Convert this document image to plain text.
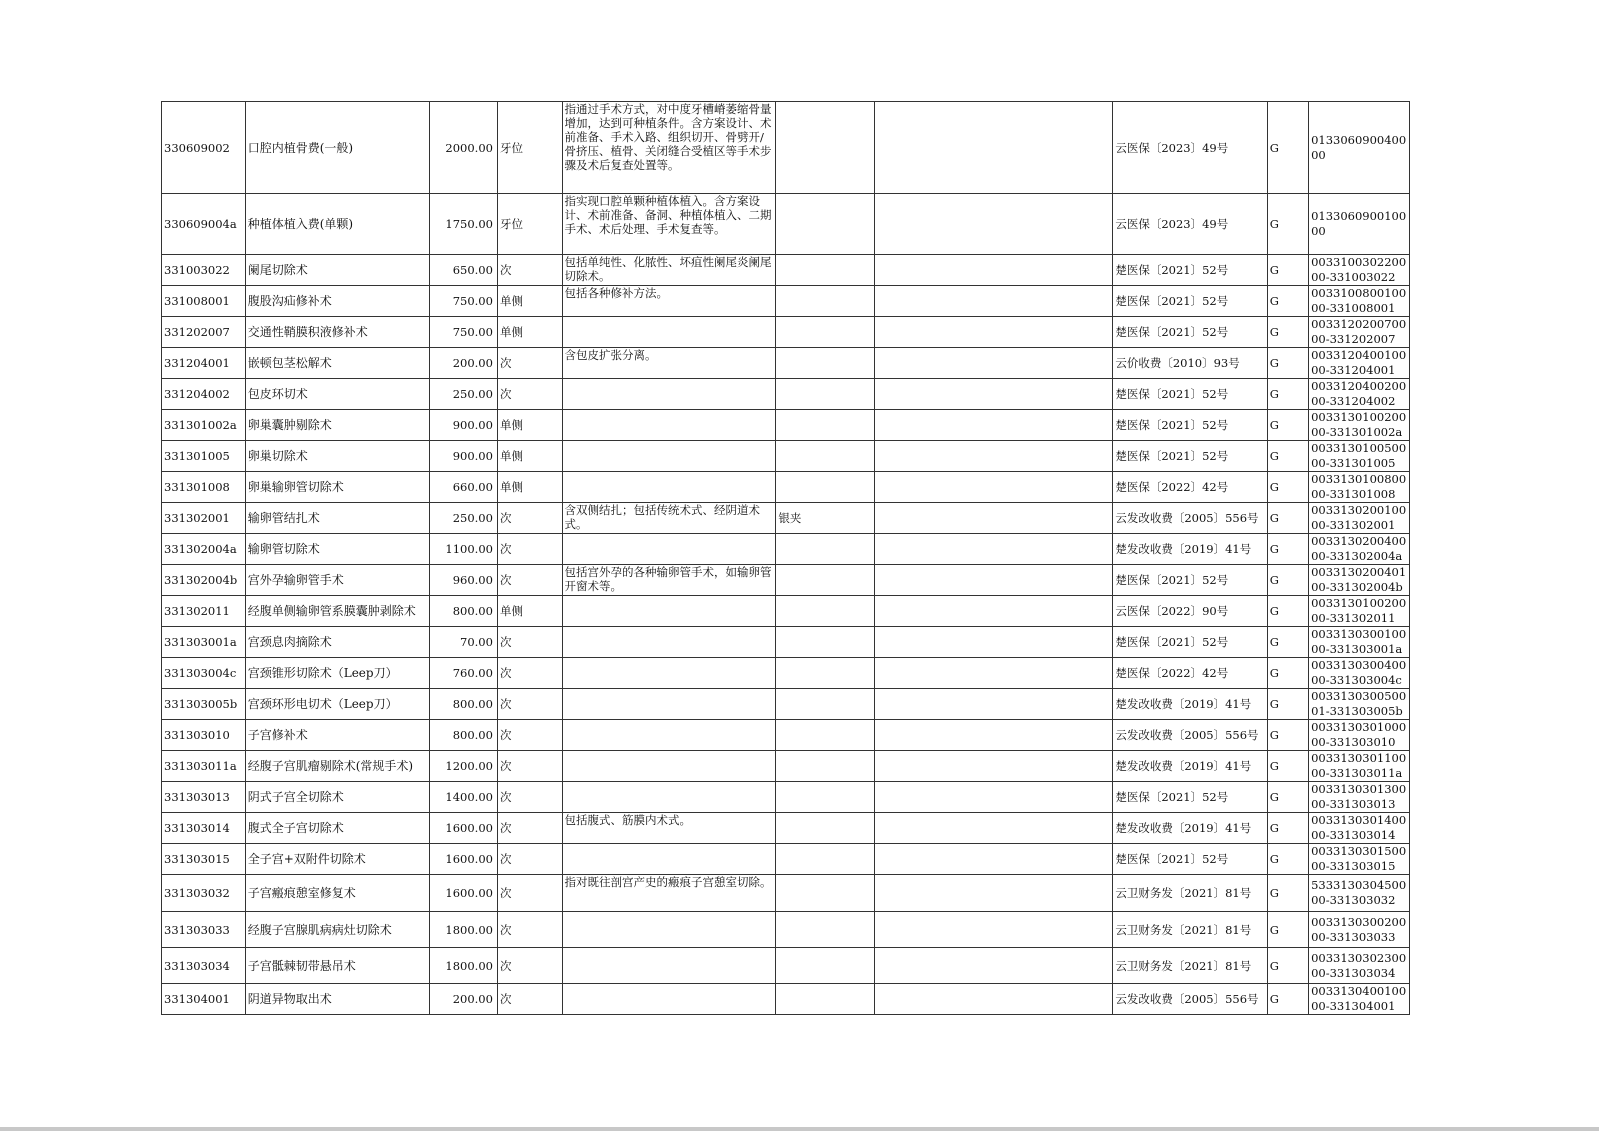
330609002	口腔内植骨费(一般)	2000.00	牙位	指通过手术方式，对中度牙槽嵴萎缩骨量增加，达到可种植条件。含方案设计、术前准备、手术入路、组织切开、骨劈开/骨挤压、植骨、关闭缝合受植区等手术步骤及术后复查处置等。			云医保〔2023〕49号	G	013306090040000
330609004a	种植体植入费(单颗)	1750.00	牙位	指实现口腔单颗种植体植入。含方案设计、术前准备、备洞、种植体植入、二期手术、术后处理、手术复查等。			云医保〔2023〕49号	G	013306090010000
331003022	阑尾切除术	650.00	次	包括单纯性、化脓性、坏疽性阑尾炎阑尾切除术。			楚医保〔2021〕52号	G	003310030220000-331003022
331008001	腹股沟疝修补术	750.00	单侧	包括各种修补方法。			楚医保〔2021〕52号	G	003310080010000-331008001
331202007	交通性鞘膜积液修补术	750.00	单侧				楚医保〔2021〕52号	G	003312020070000-331202007
331204001	嵌顿包茎松解术	200.00	次	含包皮扩张分离。			云价收费〔2010〕93号	G	003312040010000-331204001
331204002	包皮环切术	250.00	次				楚医保〔2021〕52号	G	003312040020000-331204002
331301002a	卵巢囊肿剔除术	900.00	单侧				楚医保〔2021〕52号	G	003313010020000-331301002a
331301005	卵巢切除术	900.00	单侧				楚医保〔2021〕52号	G	003313010050000-331301005
331301008	卵巢输卵管切除术	660.00	单侧				楚医保〔2022〕42号	G	003313010080000-331301008
331302001	输卵管结扎术	250.00	次	含双侧结扎；包括传统术式、经阴道术式。	银夹		云发改收费〔2005〕556号	G	003313020010000-331302001
331302004a	输卵管切除术	1100.00	次				楚发改收费〔2019〕41号	G	003313020040000-331302004a
331302004b	宫外孕输卵管手术	960.00	次	包括宫外孕的各种输卵管手术，如输卵管开窗术等。			楚医保〔2021〕52号	G	003313020040100-331302004b
331302011	经腹单侧输卵管系膜囊肿剥除术	800.00	单侧				云医保〔2022〕90号	G	003313010020000-331302011
331303001a	宫颈息肉摘除术	70.00	次				楚医保〔2021〕52号	G	003313030010000-331303001a
331303004c	宫颈锥形切除术（Leep刀）	760.00	次				楚医保〔2022〕42号	G	003313030040000-331303004c
331303005b	宫颈环形电切术（Leep刀）	800.00	次				楚发改收费〔2019〕41号	G	003313030050001-331303005b
331303010	子宫修补术	800.00	次				云发改收费〔2005〕556号	G	003313030100000-331303010
331303011a	经腹子宫肌瘤剔除术(常规手术)	1200.00	次				楚发改收费〔2019〕41号	G	003313030110000-331303011a
331303013	阴式子宫全切除术	1400.00	次				楚医保〔2021〕52号	G	003313030130000-331303013
331303014	腹式全子宫切除术	1600.00	次	包括腹式、筋膜内术式。			楚发改收费〔2019〕41号	G	003313030140000-331303014
331303015	全子宫+双附件切除术	1600.00	次				楚医保〔2021〕52号	G	003313030150000-331303015
331303032	子宫瘢痕憩室修复术	1600.00	次	指对既往剖宫产史的瘢痕子宫憩室切除。			云卫财务发〔2021〕81号	G	533313030450000-331303032
331303033	经腹子宫腺肌病病灶切除术	1800.00	次				云卫财务发〔2021〕81号	G	003313030020000-331303033
331303034	子宫骶棘韧带悬吊术	1800.00	次				云卫财务发〔2021〕81号	G	003313030230000-331303034
331304001	阴道异物取出术	200.00	次				云发改收费〔2005〕556号	G	003313040010000-331304001
